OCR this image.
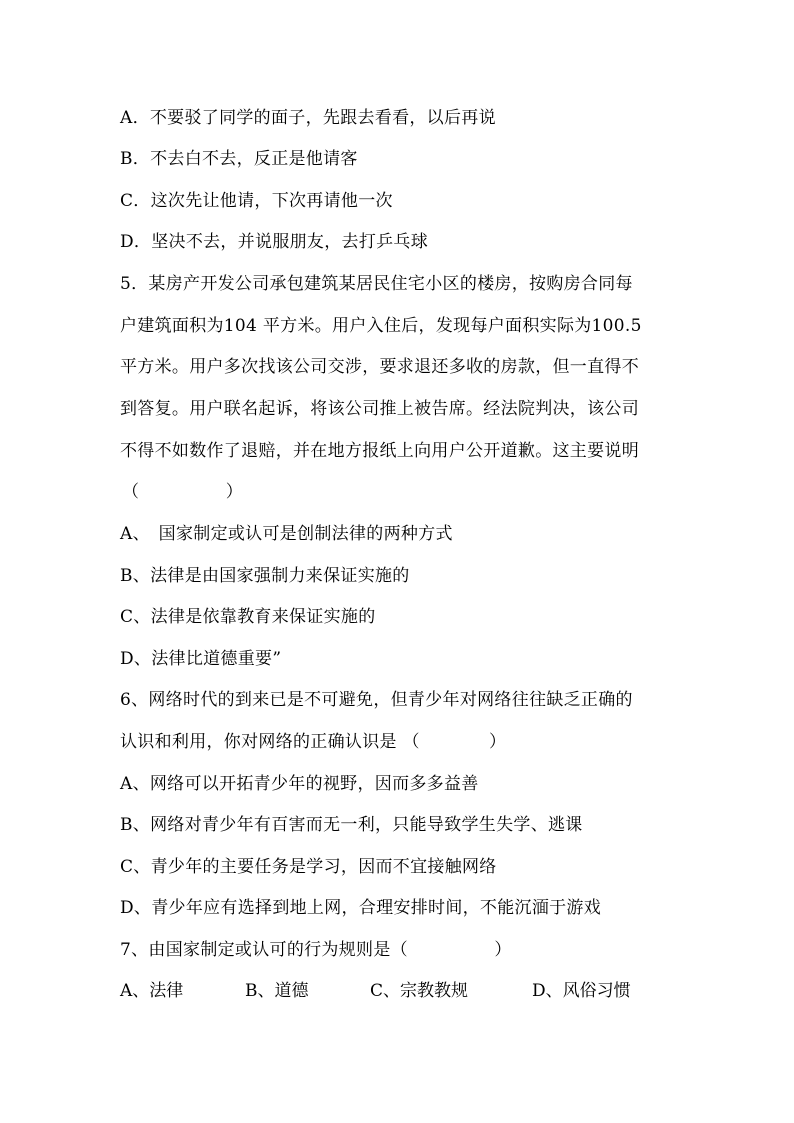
A．不要驳了同学的面子，先跟去看看，以后再说
B．不去白不去，反正是他请客
C．这次先让他请，下次再请他一次
D．坚决不去，并说服朋友，去打乒乓球
5．某房产开发公司承包建筑某居民住宅小区的楼房，按购房合同每
户建筑面积为104 平方米。用户入住后，发现每户面积实际为100.5
平方米。用户多次找该公司交涉，要求退还多收的房款，但一直得不
到答复。用户联名起诉，将该公司推上被告席。经法院判决，该公司
不得不如数作了退赔，并在地方报纸上向用户公开道歉。这主要说明
（　　　　　）
A、　国家制定或认可是创制法律的两种方式
B、法律是由国家强制力来保证实施的
C、法律是依靠教育来保证实施的
D、法律比道德重要”
6、网络时代的到来已是不可避免，但青少年对网络往往缺乏正确的
认识和利用，你对网络的正确认识是 （　　　　）
A、网络可以开拓青少年的视野，因而多多益善
B、网络对青少年有百害而无一利，只能导致学生失学、逃课
C、青少年的主要任务是学习，因而不宜接触网络
D、青少年应有选择到地上网，合理安排时间，不能沉湎于游戏
7、由国家制定或认可的行为规则是（　　　　　）
A、法律	B、道德	C、宗教教规	D、风俗习惯
